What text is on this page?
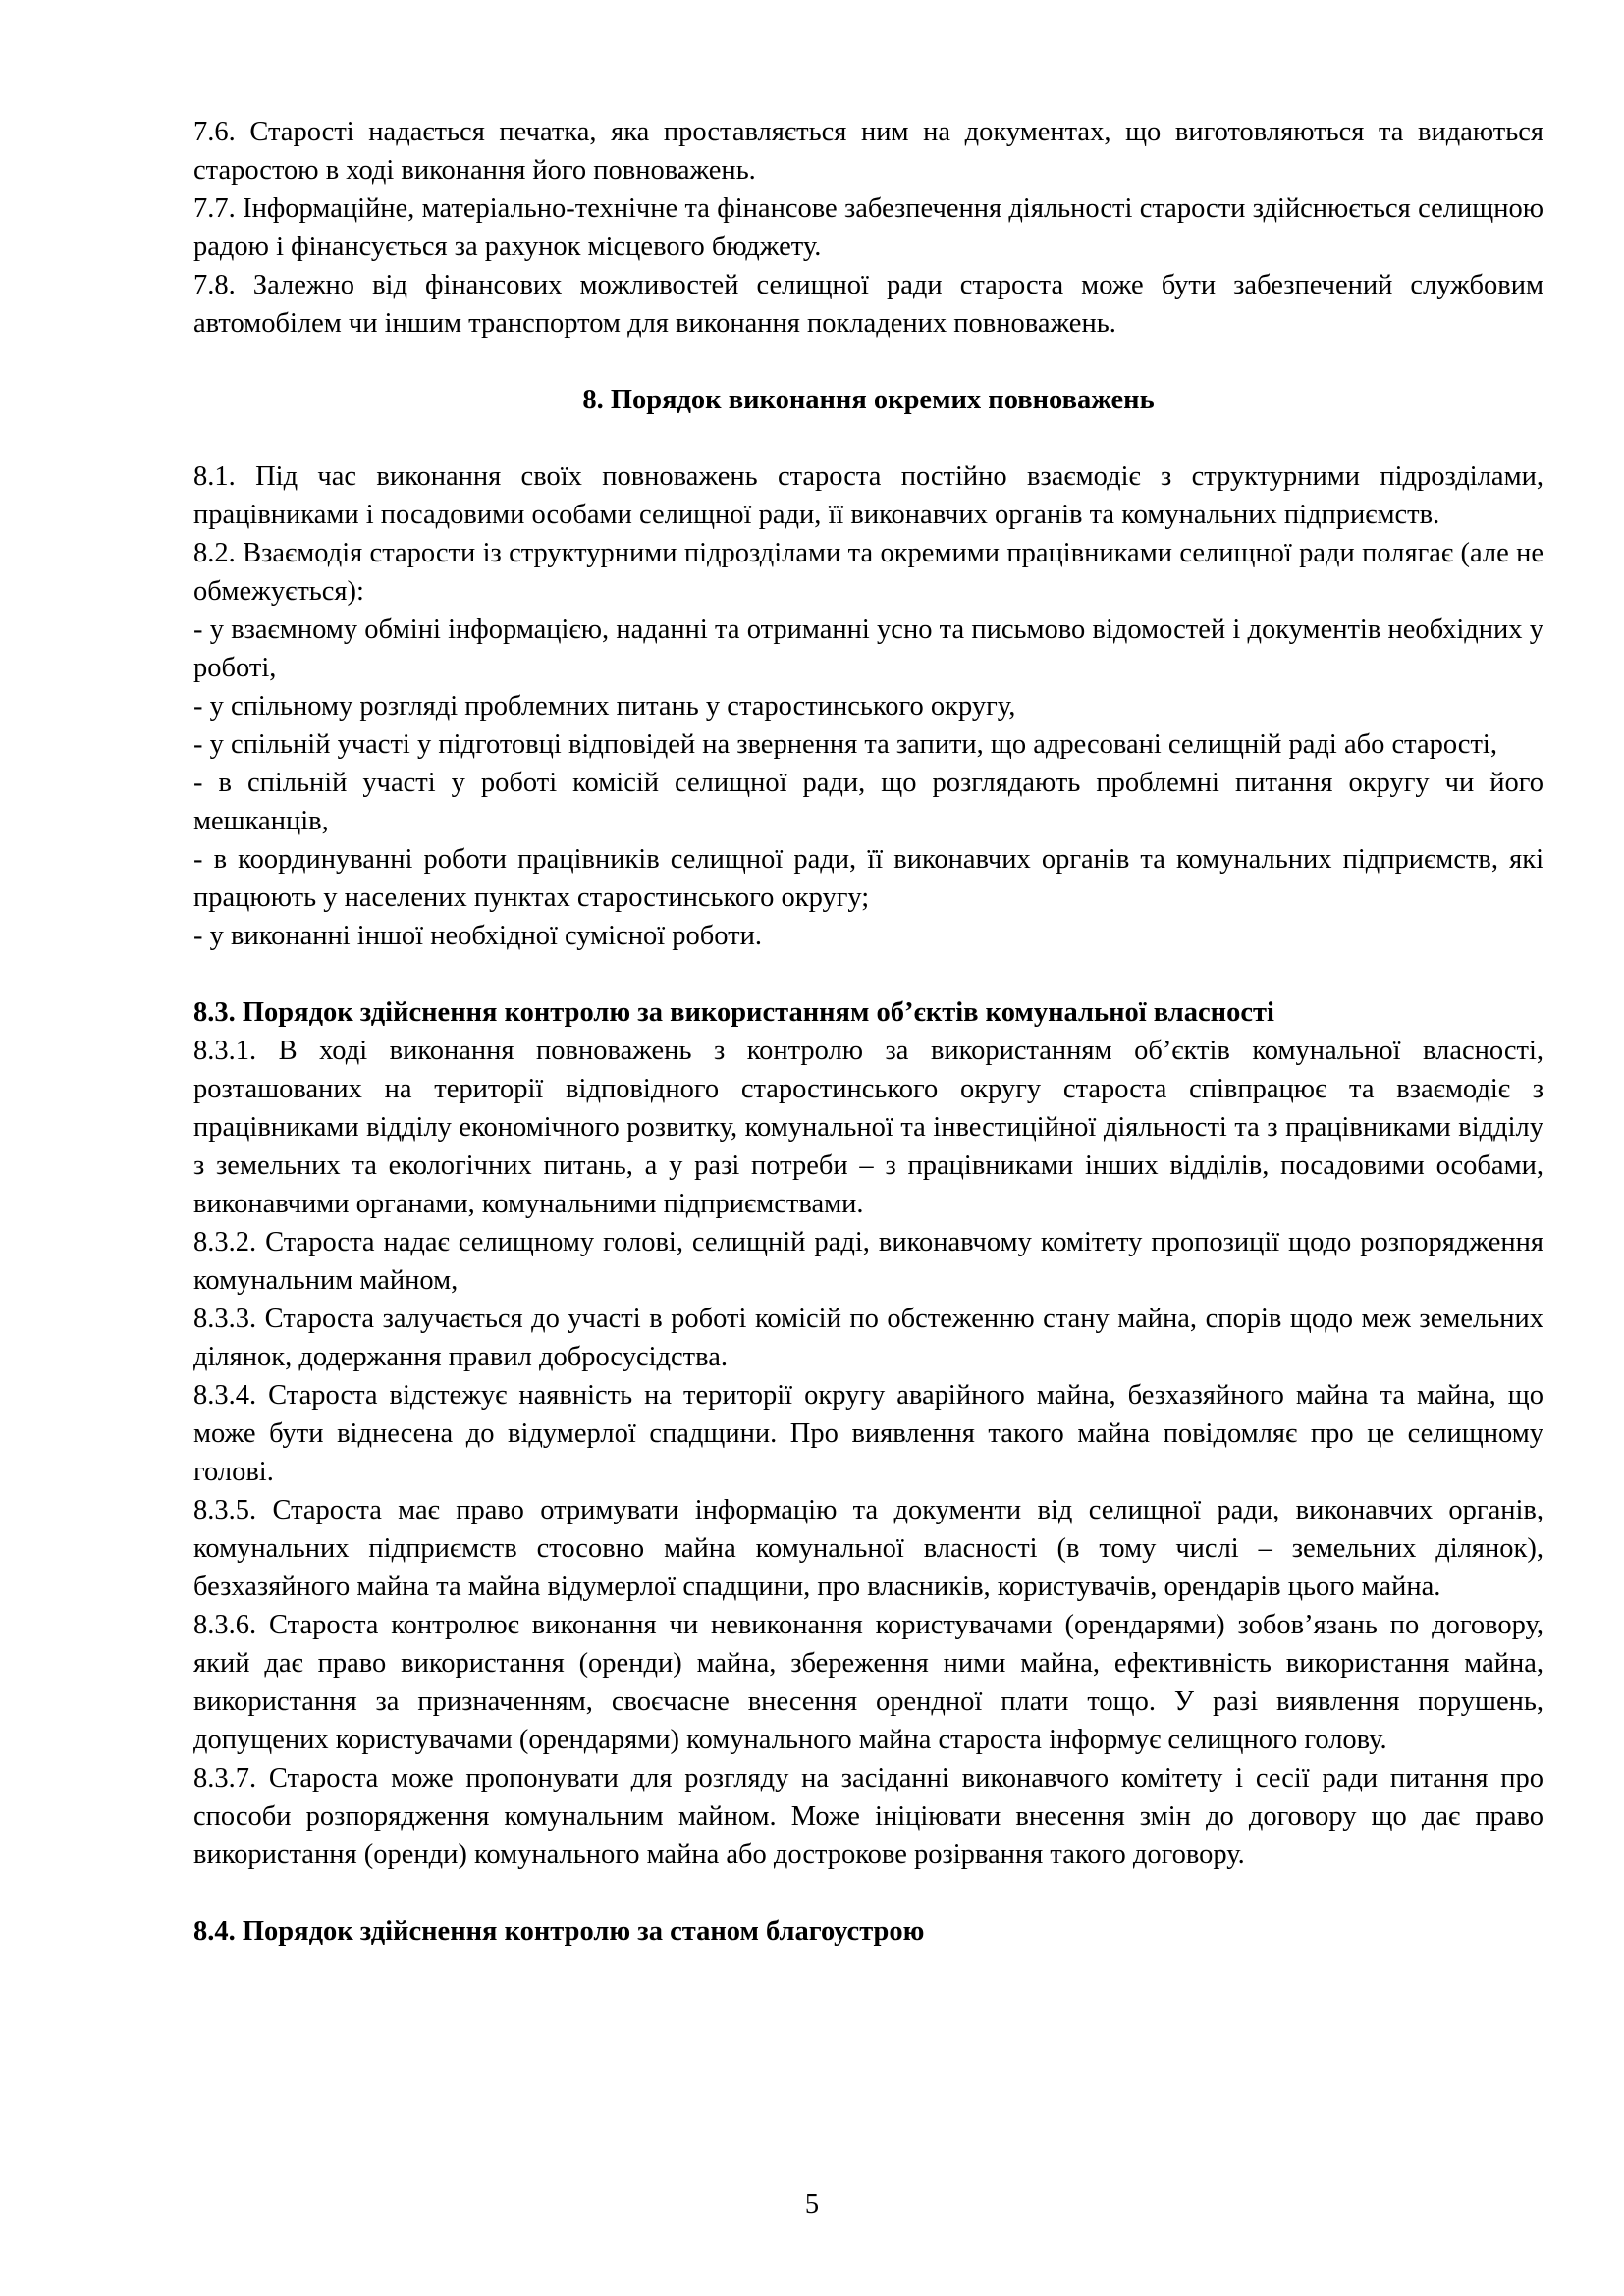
7.6. Старості надається печатка, яка проставляється ним на документах, що виготовляються та видаються старостою в ході виконання його повноважень.

7.7. Інформаційне, матеріально-технічне та фінансове забезпечення діяльності старости здійснюється селищною радою і фінансується за рахунок місцевого бюджету.

7.8. Залежно від фінансових можливостей селищної ради староста може бути забезпечений службовим автомобілем чи іншим транспортом для виконання покладених повноважень.

8. Порядок виконання окремих повноважень

8.1. Під час виконання своїх повноважень староста постійно взаємодіє з структурними підрозділами, працівниками і посадовими особами селищної ради, її виконавчих органів та комунальних підприємств.

8.2. Взаємодія старости із структурними підрозділами та окремими працівниками селищної ради полягає (але не обмежується):

- у взаємному обміні інформацією, наданні та отриманні усно та письмово відомостей і документів необхідних у роботі,

- у спільному розгляді проблемних питань у старостинського округу,

- у спільній участі у підготовці відповідей на звернення та запити, що адресовані селищній раді або старості,

- в спільній участі у роботі комісій селищної ради, що розглядають проблемні питання округу чи його мешканців,

- в координуванні роботи працівників селищної ради, її виконавчих органів та комунальних підприємств, які працюють у населених пунктах старостинського округу;

- у виконанні іншої необхідної сумісної роботи.

8.3. Порядок здійснення контролю за використанням об’єктів комунальної власності

8.3.1. В ході виконання повноважень з контролю за використанням об’єктів комунальної власності, розташованих на території відповідного старостинського округу староста співпрацює та взаємодіє з працівниками відділу економічного розвитку, комунальної та інвестиційної діяльності та з працівниками відділу з земельних та екологічних питань, а у разі потреби – з працівниками інших відділів, посадовими особами, виконавчими органами, комунальними підприємствами.

8.3.2. Староста надає селищному голові, селищній раді, виконавчому комітету пропозиції щодо розпорядження комунальним майном,

8.3.3. Староста залучається до участі в роботі комісій по обстеженню стану майна, спорів щодо меж земельних ділянок, додержання правил добросусідства.

8.3.4. Староста відстежує наявність на території округу аварійного майна, безхазяйного майна та майна, що може бути віднесена до відумерлої спадщини. Про виявлення такого майна повідомляє про це селищному голові.

8.3.5. Староста має право отримувати інформацію та документи від селищної ради, виконавчих органів, комунальних підприємств стосовно майна комунальної власності (в тому числі – земельних ділянок), безхазяйного майна та майна відумерлої спадщини, про власників, користувачів, орендарів цього майна.

8.3.6. Староста контролює виконання чи невиконання користувачами (орендарями) зобов’язань по договору, який дає право використання (оренди) майна, збереження ними майна, ефективність використання майна, використання за призначенням, своєчасне внесення орендної плати тощо. У разі виявлення порушень, допущених користувачами (орендарями) комунального майна староста інформує селищного голову.

8.3.7. Староста може пропонувати для розгляду на засіданні виконавчого комітету і сесії ради питання про способи розпорядження комунальним майном. Може ініціювати внесення змін до договору що дає право використання (оренди) комунального майна або дострокове розірвання такого договору.

8.4. Порядок здійснення контролю за станом благоустрою

5
